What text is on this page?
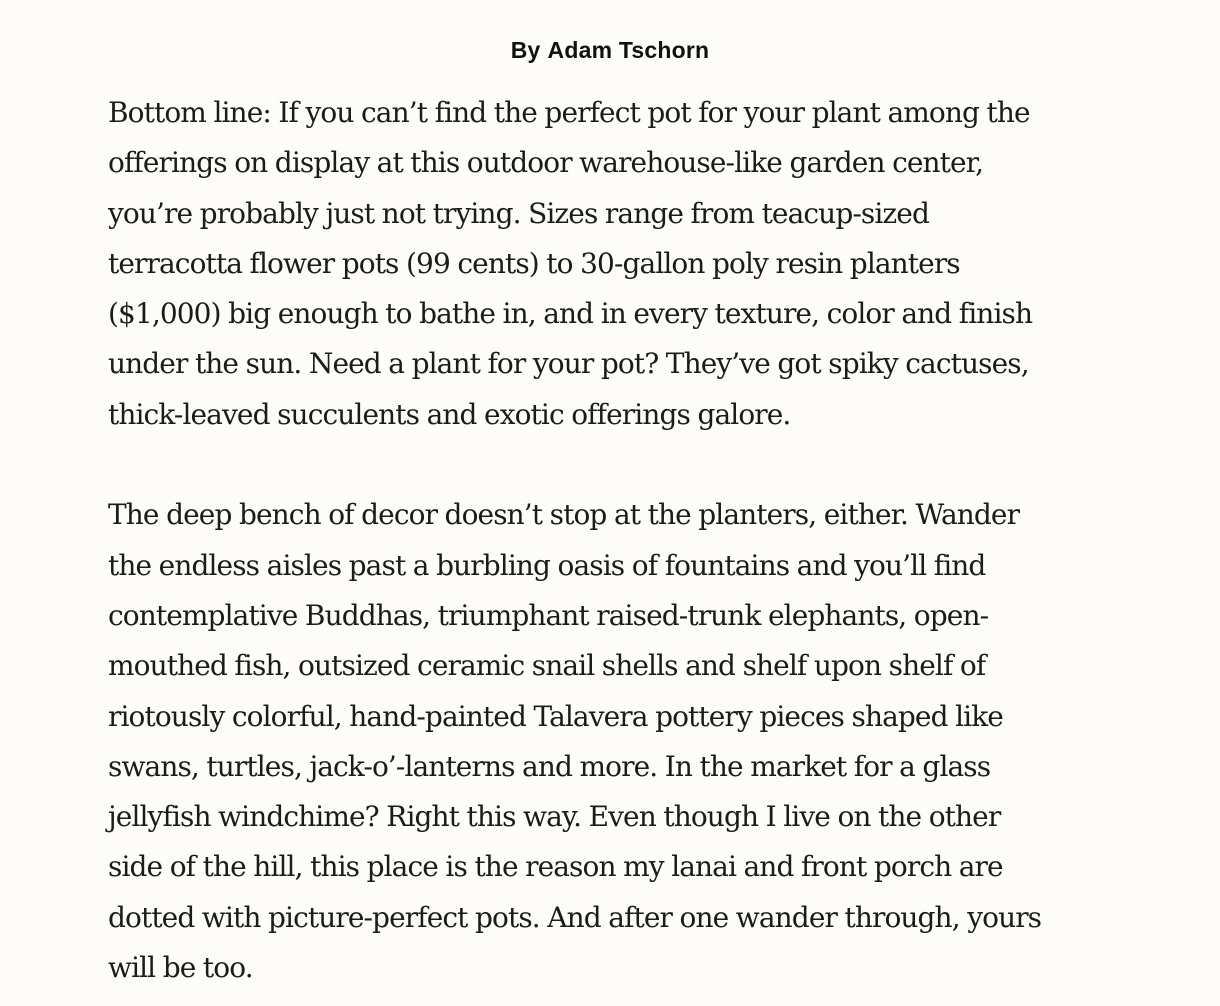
By Adam Tschorn

Bottom line: If you can’t find the perfect pot for your plant among the
offerings on display at this outdoor warehouse-like garden center,
you’re probably just not trying. Sizes range from teacup-sized
terracotta flower pots (99 cents) to 30-gallon poly resin planters
($1,000) big enough to bathe in, and in every texture, color and finish
under the sun. Need a plant for your pot? They’ve got spiky cactuses,
thick-leaved succulents and exotic offerings galore.

The deep bench of decor doesn’t stop at the planters, either. Wander
the endless aisles past a burbling oasis of fountains and you’ll find
contemplative Buddhas, triumphant raised-trunk elephants, open-
mouthed fish, outsized ceramic snail shells and shelf upon shelf of
riotously colorful, hand-painted Talavera pottery pieces shaped like
swans, turtles, jack-o’-lanterns and more. In the market for a glass
jellyfish windchime? Right this way. Even though I live on the other
side of the hill, this place is the reason my lanai and front porch are
dotted with picture-perfect pots. And after one wander through, yours
will be too.
